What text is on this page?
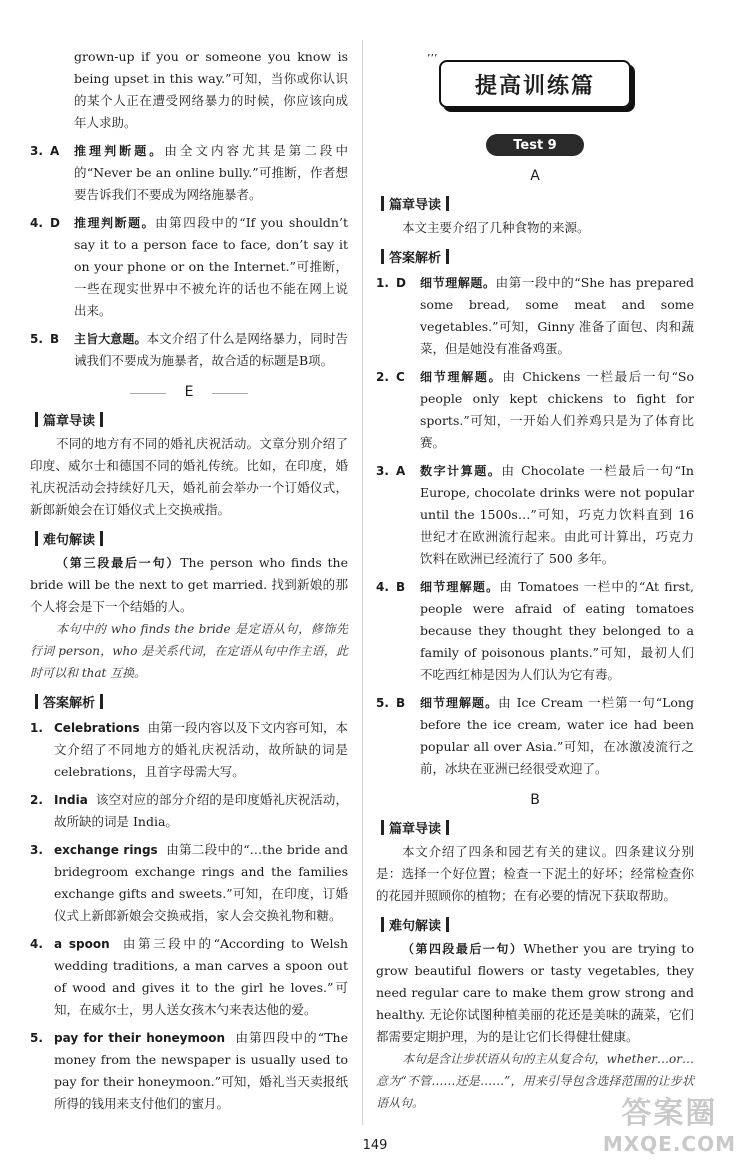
grown-up if you or someone you know is being upset in this way.”可知，当你或你认识的某个人正在遭受网络暴力的时候，你应该向成年人求助。

3. A 推理判断题。由全文内容尤其是第二段中的“Never be an online bully.”可推断，作者想要告诉我们不要成为网络施暴者。
4. D 推理判断题。由第四段中的“If you shouldn’t say it to a person face to face, don’t say it on your phone or on the Internet.”可推断，一些在现实世界中不被允许的话也不能在网上说出来。
5. B 主旨大意题。本文介绍了什么是网络暴力，同时告诫我们不要成为施暴者，故合适的标题是B项。
E
篇章导读

不同的地方有不同的婚礼庆祝活动。文章分别介绍了印度、威尔士和德国不同的婚礼传统。比如，在印度，婚礼庆祝活动会持续好几天，婚礼前会举办一个订婚仪式，新郎新娘会在订婚仪式上交换戒指。

难句解读

（第三段最后一句）The person who finds the bride will be the next to get married. 找到新娘的那个人将会是下一个结婚的人。

本句中的 who finds the bride 是定语从句，修饰先行词 person，who 是关系代词，在定语从句中作主语，此时可以和 that 互换。

答案解析
1. Celebrations 由第一段内容以及下文内容可知，本文介绍了不同地方的婚礼庆祝活动，故所缺的词是 celebrations，且首字母需大写。
2. India 该空对应的部分介绍的是印度婚礼庆祝活动，故所缺的词是 India。
3. exchange rings 由第二段中的“…the bride and bridegroom exchange rings and the families exchange gifts and sweets.”可知，在印度，订婚仪式上新郎新娘会交换戒指，家人会交换礼物和糖。
4. a spoon 由第三段中的“According to Welsh wedding traditions, a man carves a spoon out of wood and gives it to the girl he loves.”可知，在威尔士，男人送女孩木勺来表达他的爱。
5. pay for their honeymoon 由第四段中的“The money from the newspaper is usually used to pay for their honeymoon.”可知，婚礼当天卖报纸所得的钱用来支付他们的蜜月。
’’’
提高训练篇
Test 9
A
篇章导读

本文主要介绍了几种食物的来源。

答案解析
1. D 细节理解题。由第一段中的“She has prepared some bread, some meat and some vegetables.”可知，Ginny 准备了面包、肉和蔬菜，但是她没有准备鸡蛋。
2. C 细节理解题。由 Chickens 一栏最后一句“So people only kept chickens to fight for sports.”可知，一开始人们养鸡只是为了体育比赛。
3. A 数字计算题。由 Chocolate 一栏最后一句“In Europe, chocolate drinks were not popular until the 1500s…”可知，巧克力饮料直到 16 世纪才在欧洲流行起来。由此可计算出，巧克力饮料在欧洲已经流行了 500 多年。
4. B 细节理解题。由 Tomatoes 一栏中的“At first, people were afraid of eating tomatoes because they thought they belonged to a family of poisonous plants.”可知，最初人们不吃西红柿是因为人们认为它有毒。
5. B 细节理解题。由 Ice Cream 一栏第一句“Long before the ice cream, water ice had been popular all over Asia.”可知，在冰激凌流行之前，冰块在亚洲已经很受欢迎了。
B
篇章导读

本文介绍了四条和园艺有关的建议。四条建议分别是：选择一个好位置；检查一下泥土的好坏；经常检查你的花园并照顾你的植物；在有必要的情况下获取帮助。

难句解读

（第四段最后一句）Whether you are trying to grow beautiful flowers or tasty vegetables, they need regular care to make them grow strong and healthy. 无论你试图种植美丽的花还是美味的蔬菜，它们都需要定期护理，为的是让它们长得健壮健康。

本句是含让步状语从句的主从复合句，whether…or…意为“不管……还是……”，用来引导包含选择范围的让步状语从句。

149
答案圈
MXQE.COM
